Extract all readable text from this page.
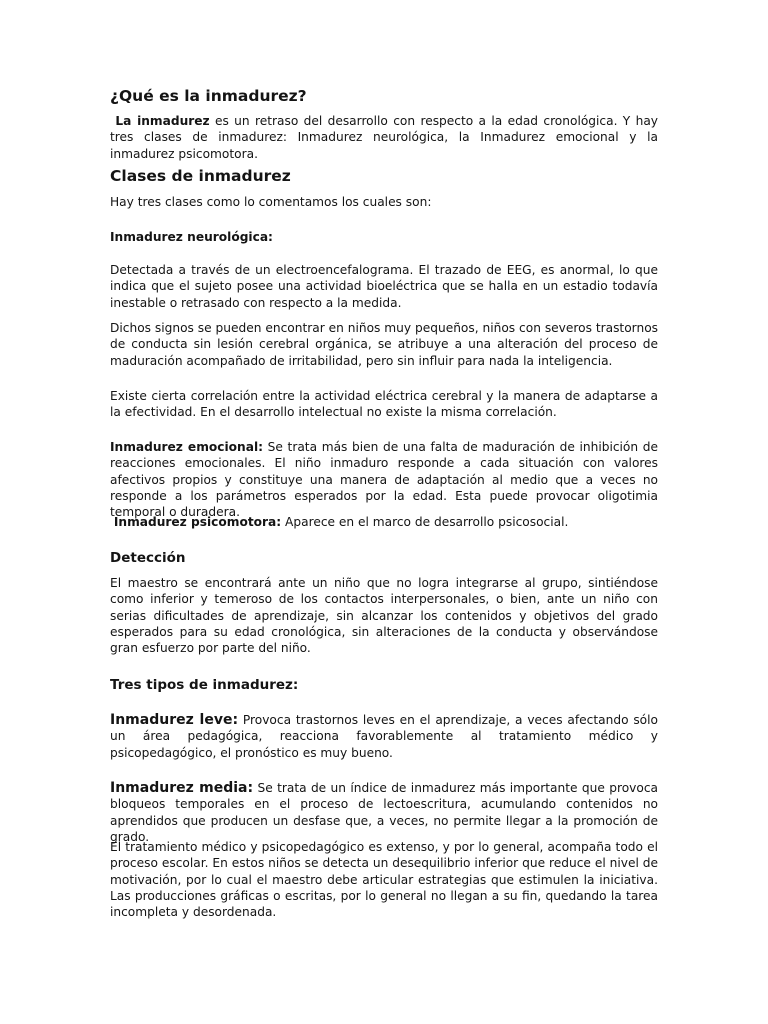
¿Qué es la inmadurez?

La inmadurez es un retraso del desarrollo con respecto a la edad cronológica. Y hay tres clases de inmadurez: Inmadurez neurológica, la Inmadurez emocional y la inmadurez psicomotora.

Clases de inmadurez

Hay tres clases como lo comentamos los cuales son:

Inmadurez neurológica:

Detectada a través de un electroencefalograma. El trazado de EEG, es anormal, lo que indica que el sujeto posee una actividad bioeléctrica que se halla en un estadio todavía inestable o retrasado con respecto a la medida.

Dichos signos se pueden encontrar en niños muy pequeños, niños con severos trastornos de conducta sin lesión cerebral orgánica, se atribuye a una alteración del proceso de maduración acompañado de irritabilidad, pero sin influir para nada la inteligencia.

Existe cierta correlación entre la actividad eléctrica cerebral y la manera de adaptarse a la efectividad. En el desarrollo intelectual no existe la misma correlación.

Inmadurez emocional: Se trata más bien de una falta de maduración de inhibición de reacciones emocionales. El niño inmaduro responde a cada situación con valores afectivos propios y constituye una manera de adaptación al medio que a veces no responde a los parámetros esperados por la edad. Esta puede provocar oligotimia temporal o duradera.

Inmadurez psicomotora: Aparece en el marco de desarrollo psicosocial.

Detección

El maestro se encontrará ante un niño que no logra integrarse al grupo, sintiéndose como inferior y temeroso de los contactos interpersonales, o bien, ante un niño con serias dificultades de aprendizaje, sin alcanzar los contenidos y objetivos del grado esperados para su edad cronológica, sin alteraciones de la conducta y observándose gran esfuerzo por parte del niño.

Tres tipos de inmadurez:

Inmadurez leve: Provoca trastornos leves en el aprendizaje, a veces afectando sólo un área pedagógica, reacciona favorablemente al tratamiento médico y psicopedagógico, el pronóstico es muy bueno.

Inmadurez media: Se trata de un índice de inmadurez más importante que provoca bloqueos temporales en el proceso de lectoescritura, acumulando contenidos no aprendidos que producen un desfase que, a veces, no permite llegar a la promoción de grado.

El tratamiento médico y psicopedagógico es extenso, y por lo general, acompaña todo el proceso escolar. En estos niños se detecta un desequilibrio inferior que reduce el nivel de motivación, por lo cual el maestro debe articular estrategias que estimulen la iniciativa. Las producciones gráficas o escritas, por lo general no llegan a su fin, quedando la tarea incompleta y desordenada.
